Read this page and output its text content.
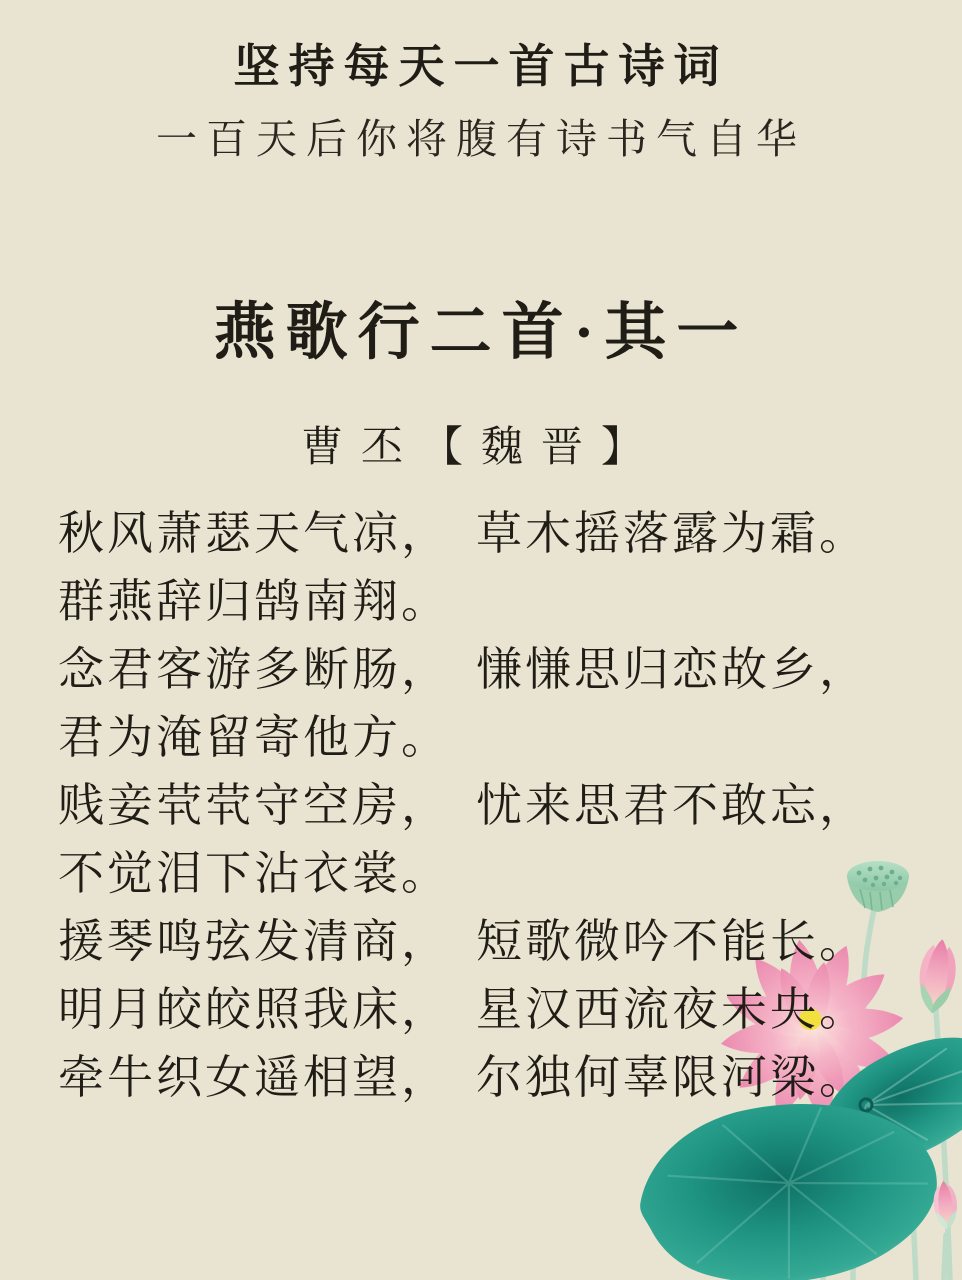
坚持每天一首古诗词
一百天后你将腹有诗书气自华
燕歌行二首·其一
曹丕【魏晋】
秋风萧瑟天气凉，　草木摇落露为霜。
群燕辞归鹄南翔。
念君客游多断肠，　慊慊思归恋故乡，
君为淹留寄他方。
贱妾茕茕守空房，　忧来思君不敢忘，
不觉泪下沾衣裳。
援琴鸣弦发清商，　短歌微吟不能长。
明月皎皎照我床，　星汉西流夜未央。
牵牛织女遥相望，　尔独何辜限河梁。
